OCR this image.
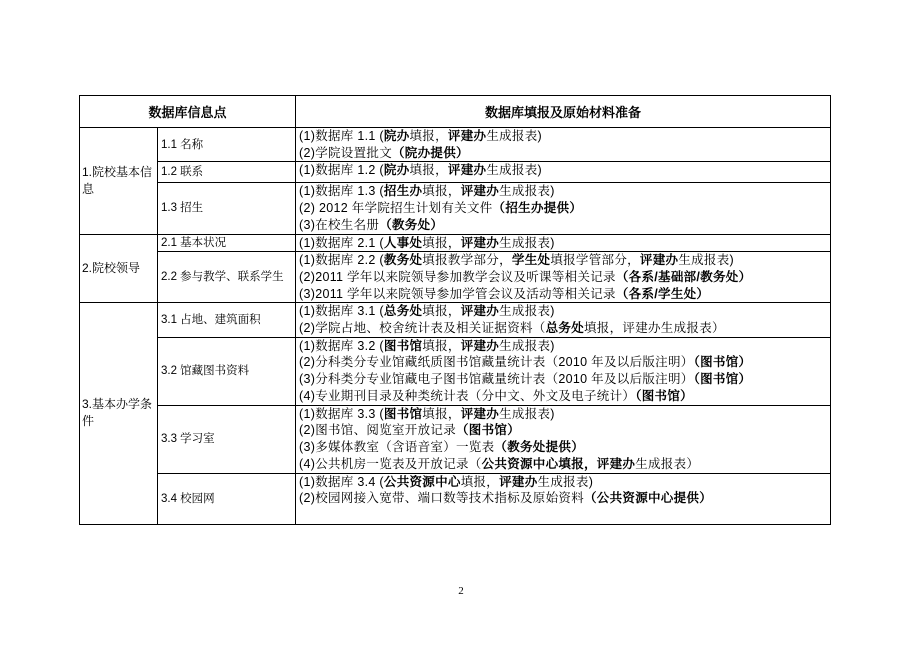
数据库信息点		数据库填报及原始材料准备
1.院校基本信息	1.1 名称	(1)数据库 1.1 (院办填报，评建办生成报表)
(2)学院设置批文（院办提供）

	1.2 联系	(1)数据库 1.2 (院办填报，评建办生成报表)

	1.3 招生	(1)数据库 1.3 (招生办填报，评建办生成报表)
(2) 2012 年学院招生计划有关文件（招生办提供）
(3)在校生名册（教务处）

2.院校领导	2.1 基本状况	(1)数据库 2.1 (人事处填报，评建办生成报表)

	2.2 参与教学、联系学生	(1)数据库 2.2 (教务处填报教学部分，学生处填报学管部分，评建办生成报表)
(2)2011 学年以来院领导参加教学会议及听课等相关记录（各系/基础部/教务处）
(3)2011 学年以来院领导参加学管会议及活动等相关记录（各系/学生处）

3.基本办学条件	3.1 占地、建筑面积	(1)数据库 3.1 (总务处填报，评建办生成报表)
(2)学院占地、校舍统计表及相关证据资料（总务处填报，评建办生成报表）

	3.2 馆藏图书资料	(1)数据库 3.2 (图书馆填报，评建办生成报表)
(2)分科类分专业馆藏纸质图书馆藏量统计表（2010 年及以后版注明）（图书馆）
(3)分科类分专业馆藏电子图书馆藏量统计表（2010 年及以后版注明）（图书馆）
(4)专业期刊目录及种类统计表（分中文、外文及电子统计）（图书馆）

	3.3 学习室	(1)数据库 3.3 (图书馆填报，评建办生成报表)
(2)图书馆、阅览室开放记录（图书馆）
(3)多媒体教室（含语音室）一览表（教务处提供）
(4)公共机房一览表及开放记录（公共资源中心填报，评建办生成报表）

	3.4 校园网	(1)数据库 3.4 (公共资源中心填报，评建办生成报表)
(2)校园网接入宽带、端口数等技术指标及原始资料（公共资源中心提供）
2
